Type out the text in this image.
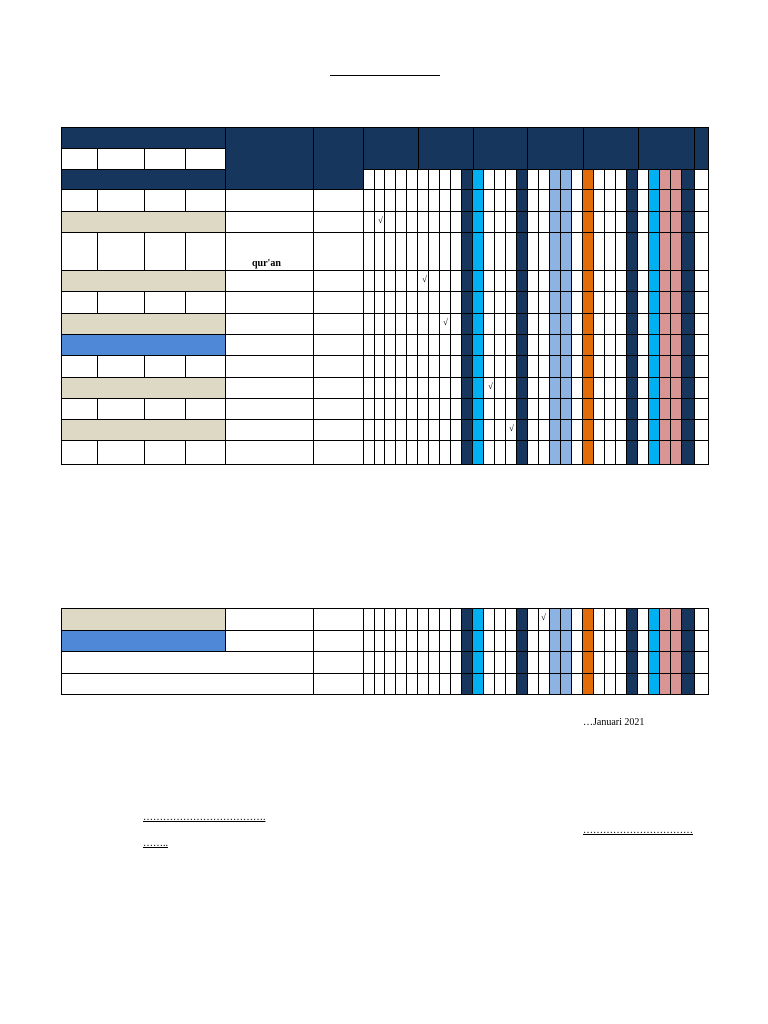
…Januari 2021
……………………………….
……..
……………………………
qur'an
√
√
√
√
√
√
